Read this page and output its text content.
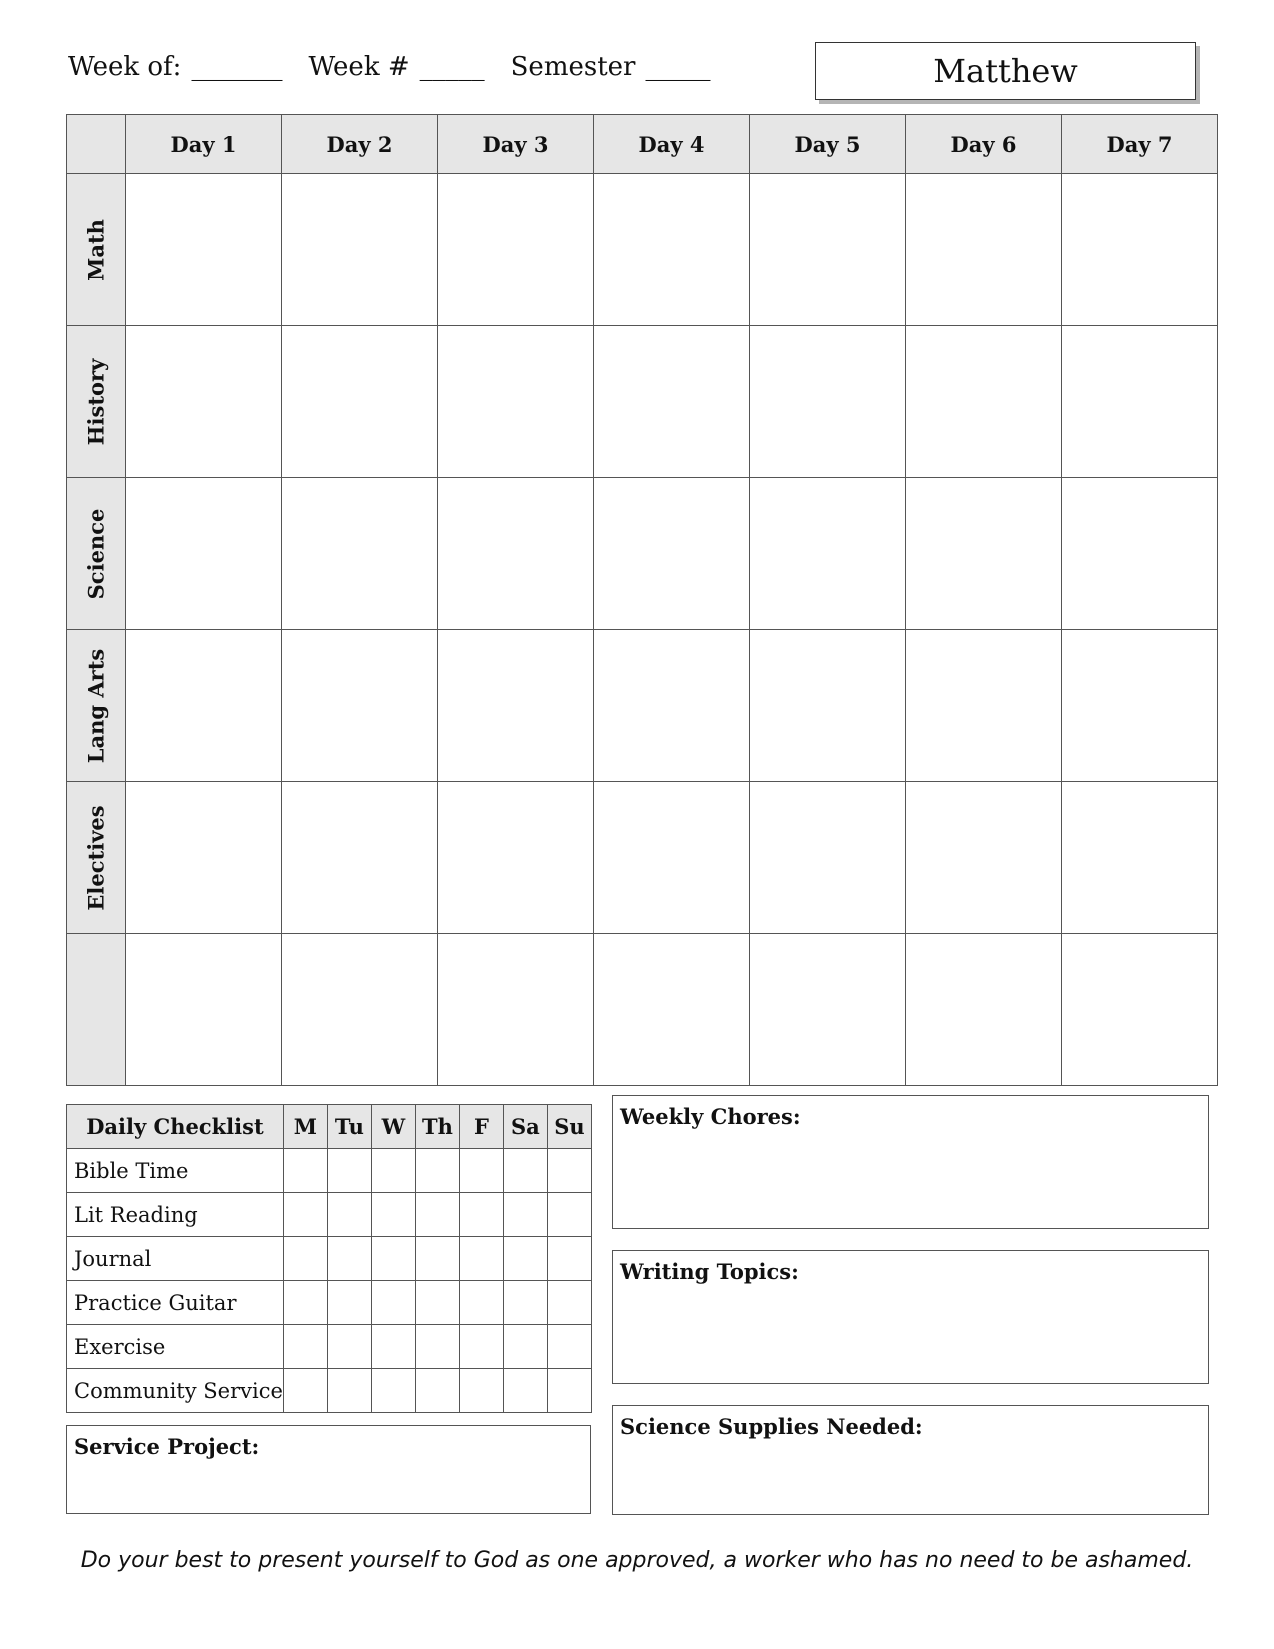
Week of: _______ Week # _____ Semester _____	Matthew
	Day 1	Day 2	Day 3	Day 4	Day 5	Day 6	Day 7

Math							

History							

Science							

Lang Arts							

Electives							

Daily Checklist	M	Tu	W	Th	F	Sa	Su
Bible Time							
Lit Reading							
Journal							
Practice Guitar							
Exercise							
Community Service							
Service Project:
Weekly Chores:
Writing Topics:
Science Supplies Needed:
Do your best to present yourself to God as one approved, a worker who has no need to be ashamed.
